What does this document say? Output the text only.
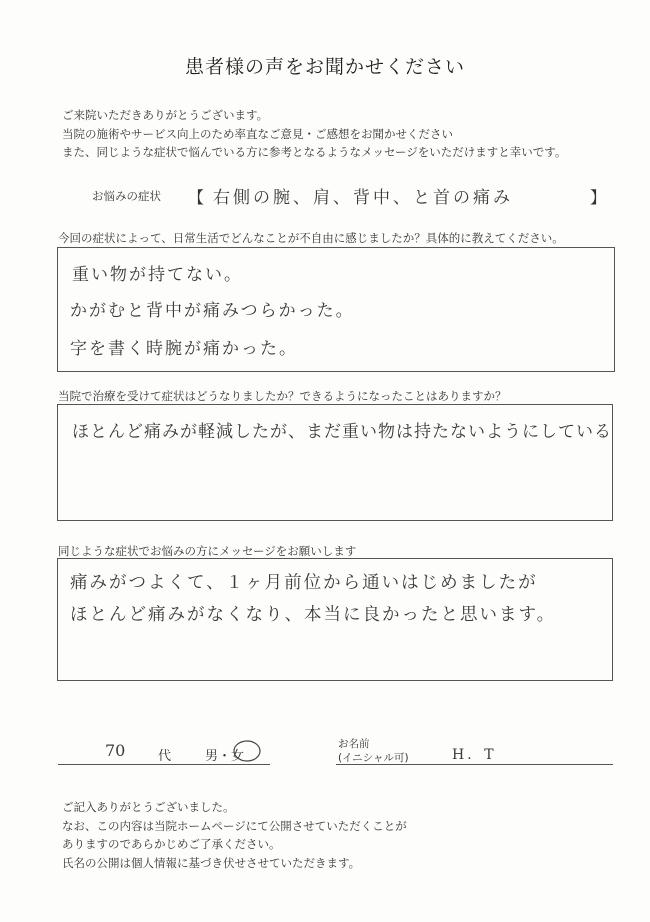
患者様の声をお聞かせください
ご来院いただきありがとうございます。
当院の施術やサービス向上のため率直なご意見・ご感想をお聞かせください
また、同じような症状で悩んでいる方に参考となるようなメッセージをいただけますと幸いです。
お悩みの症状 【 右側の腕、肩、背中、と首の痛み	】
今回の症状によって、日常生活でどんなことが不自由に感じましたか？具体的に教えてください。
重い物が持てない。
かがむと背中が痛みつらかった。
字を書く時腕が痛かった。
当院で治療を受けて症状はどうなりましたか？できるようになったことはありますか？
ほとんど痛みが軽減したが、まだ重い物は持たないようにしている
同じような症状でお悩みの方にメッセージをお願いします
痛みがつよくて、１ヶ月前位から通いはじめましたが
ほとんど痛みがなくなり、本当に良かったと思います。
70	代	男・女
お名前
(イニシャル可)	H．T
ご記入ありがとうございました。
なお、この内容は当院ホームページにて公開させていただくことが
ありますのであらかじめご了承ください。
氏名の公開は個人情報に基づき伏せさせていただきます。
